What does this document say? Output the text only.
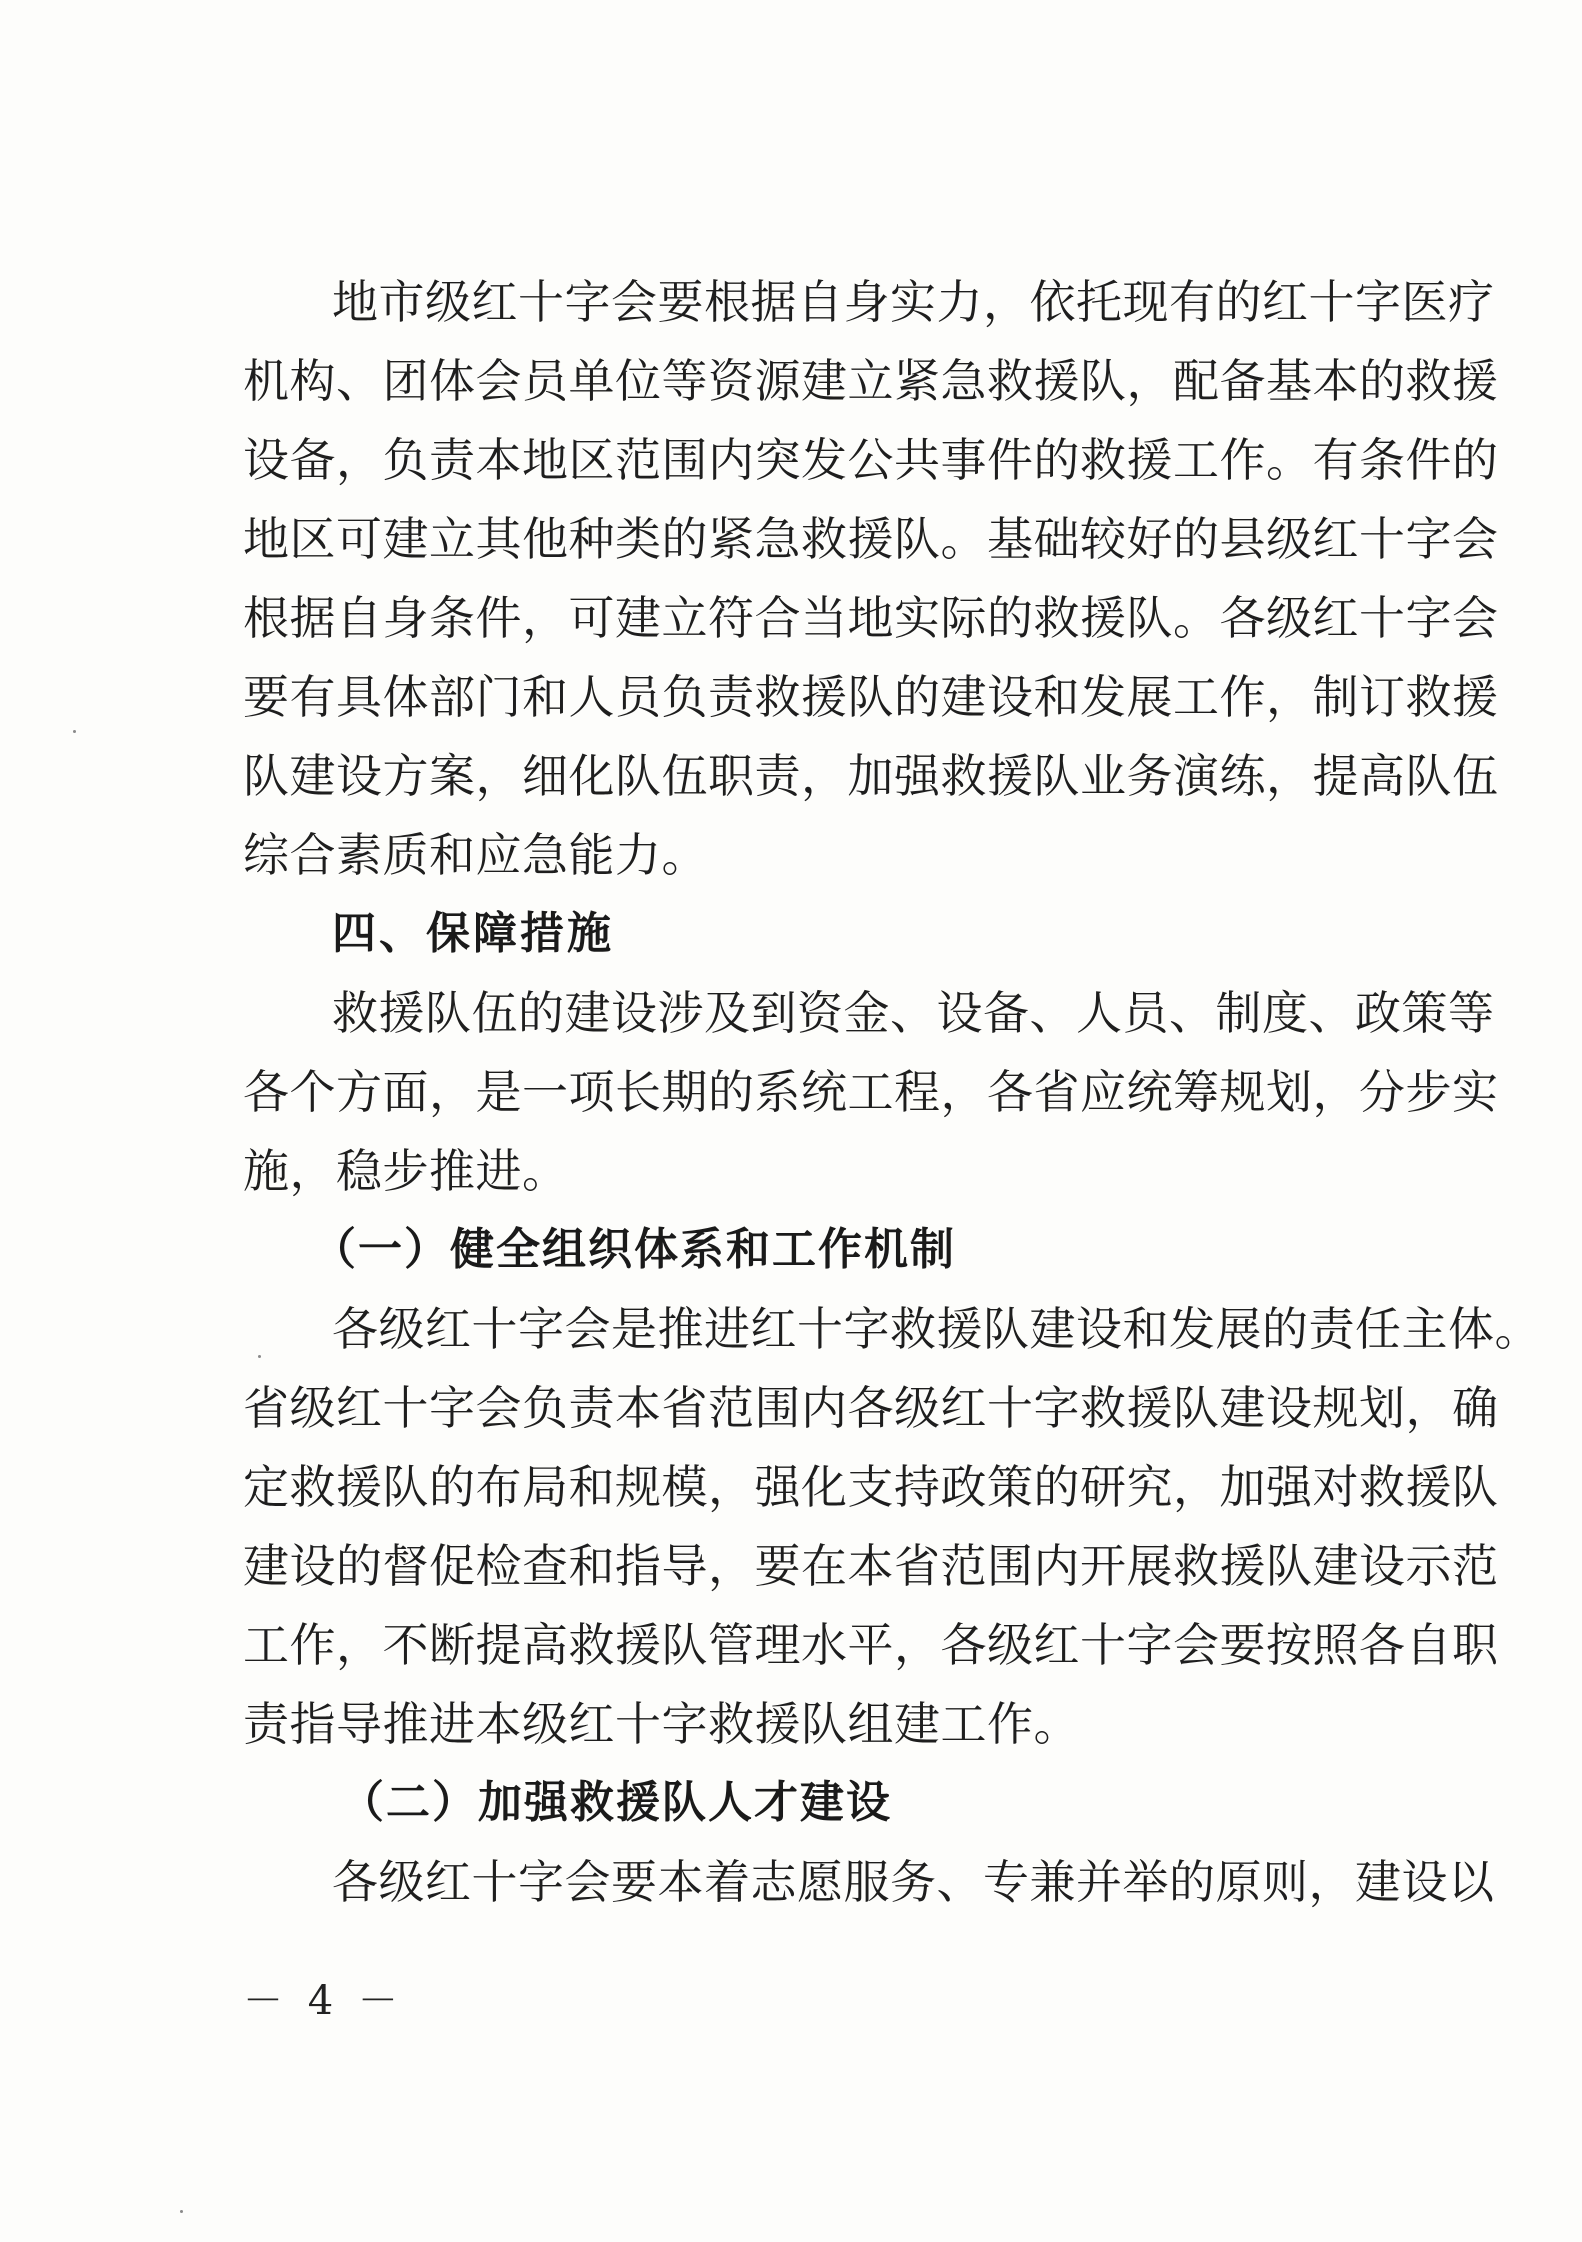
地市级红十字会要根据自身实力，依托现有的红十字医疗

机构、团体会员单位等资源建立紧急救援队，配备基本的救援

设备，负责本地区范围内突发公共事件的救援工作。有条件的

地区可建立其他种类的紧急救援队。基础较好的县级红十字会

根据自身条件，可建立符合当地实际的救援队。各级红十字会

要有具体部门和人员负责救援队的建设和发展工作，制订救援

队建设方案，细化队伍职责，加强救援队业务演练，提高队伍

综合素质和应急能力。

四、保障措施

救援队伍的建设涉及到资金、设备、人员、制度、政策等

各个方面，是一项长期的系统工程，各省应统筹规划，分步实

施，稳步推进。

（一）健全组织体系和工作机制

各级红十字会是推进红十字救援队建设和发展的责任主体。

省级红十字会负责本省范围内各级红十字救援队建设规划，确

定救援队的布局和规模，强化支持政策的研究，加强对救援队

建设的督促检查和指导，要在本省范围内开展救援队建设示范

工作，不断提高救援队管理水平，各级红十字会要按照各自职

责指导推进本级红十字救援队组建工作。

（二）加强救援队人才建设

各级红十字会要本着志愿服务、专兼并举的原则，建设以

－ 4 －
